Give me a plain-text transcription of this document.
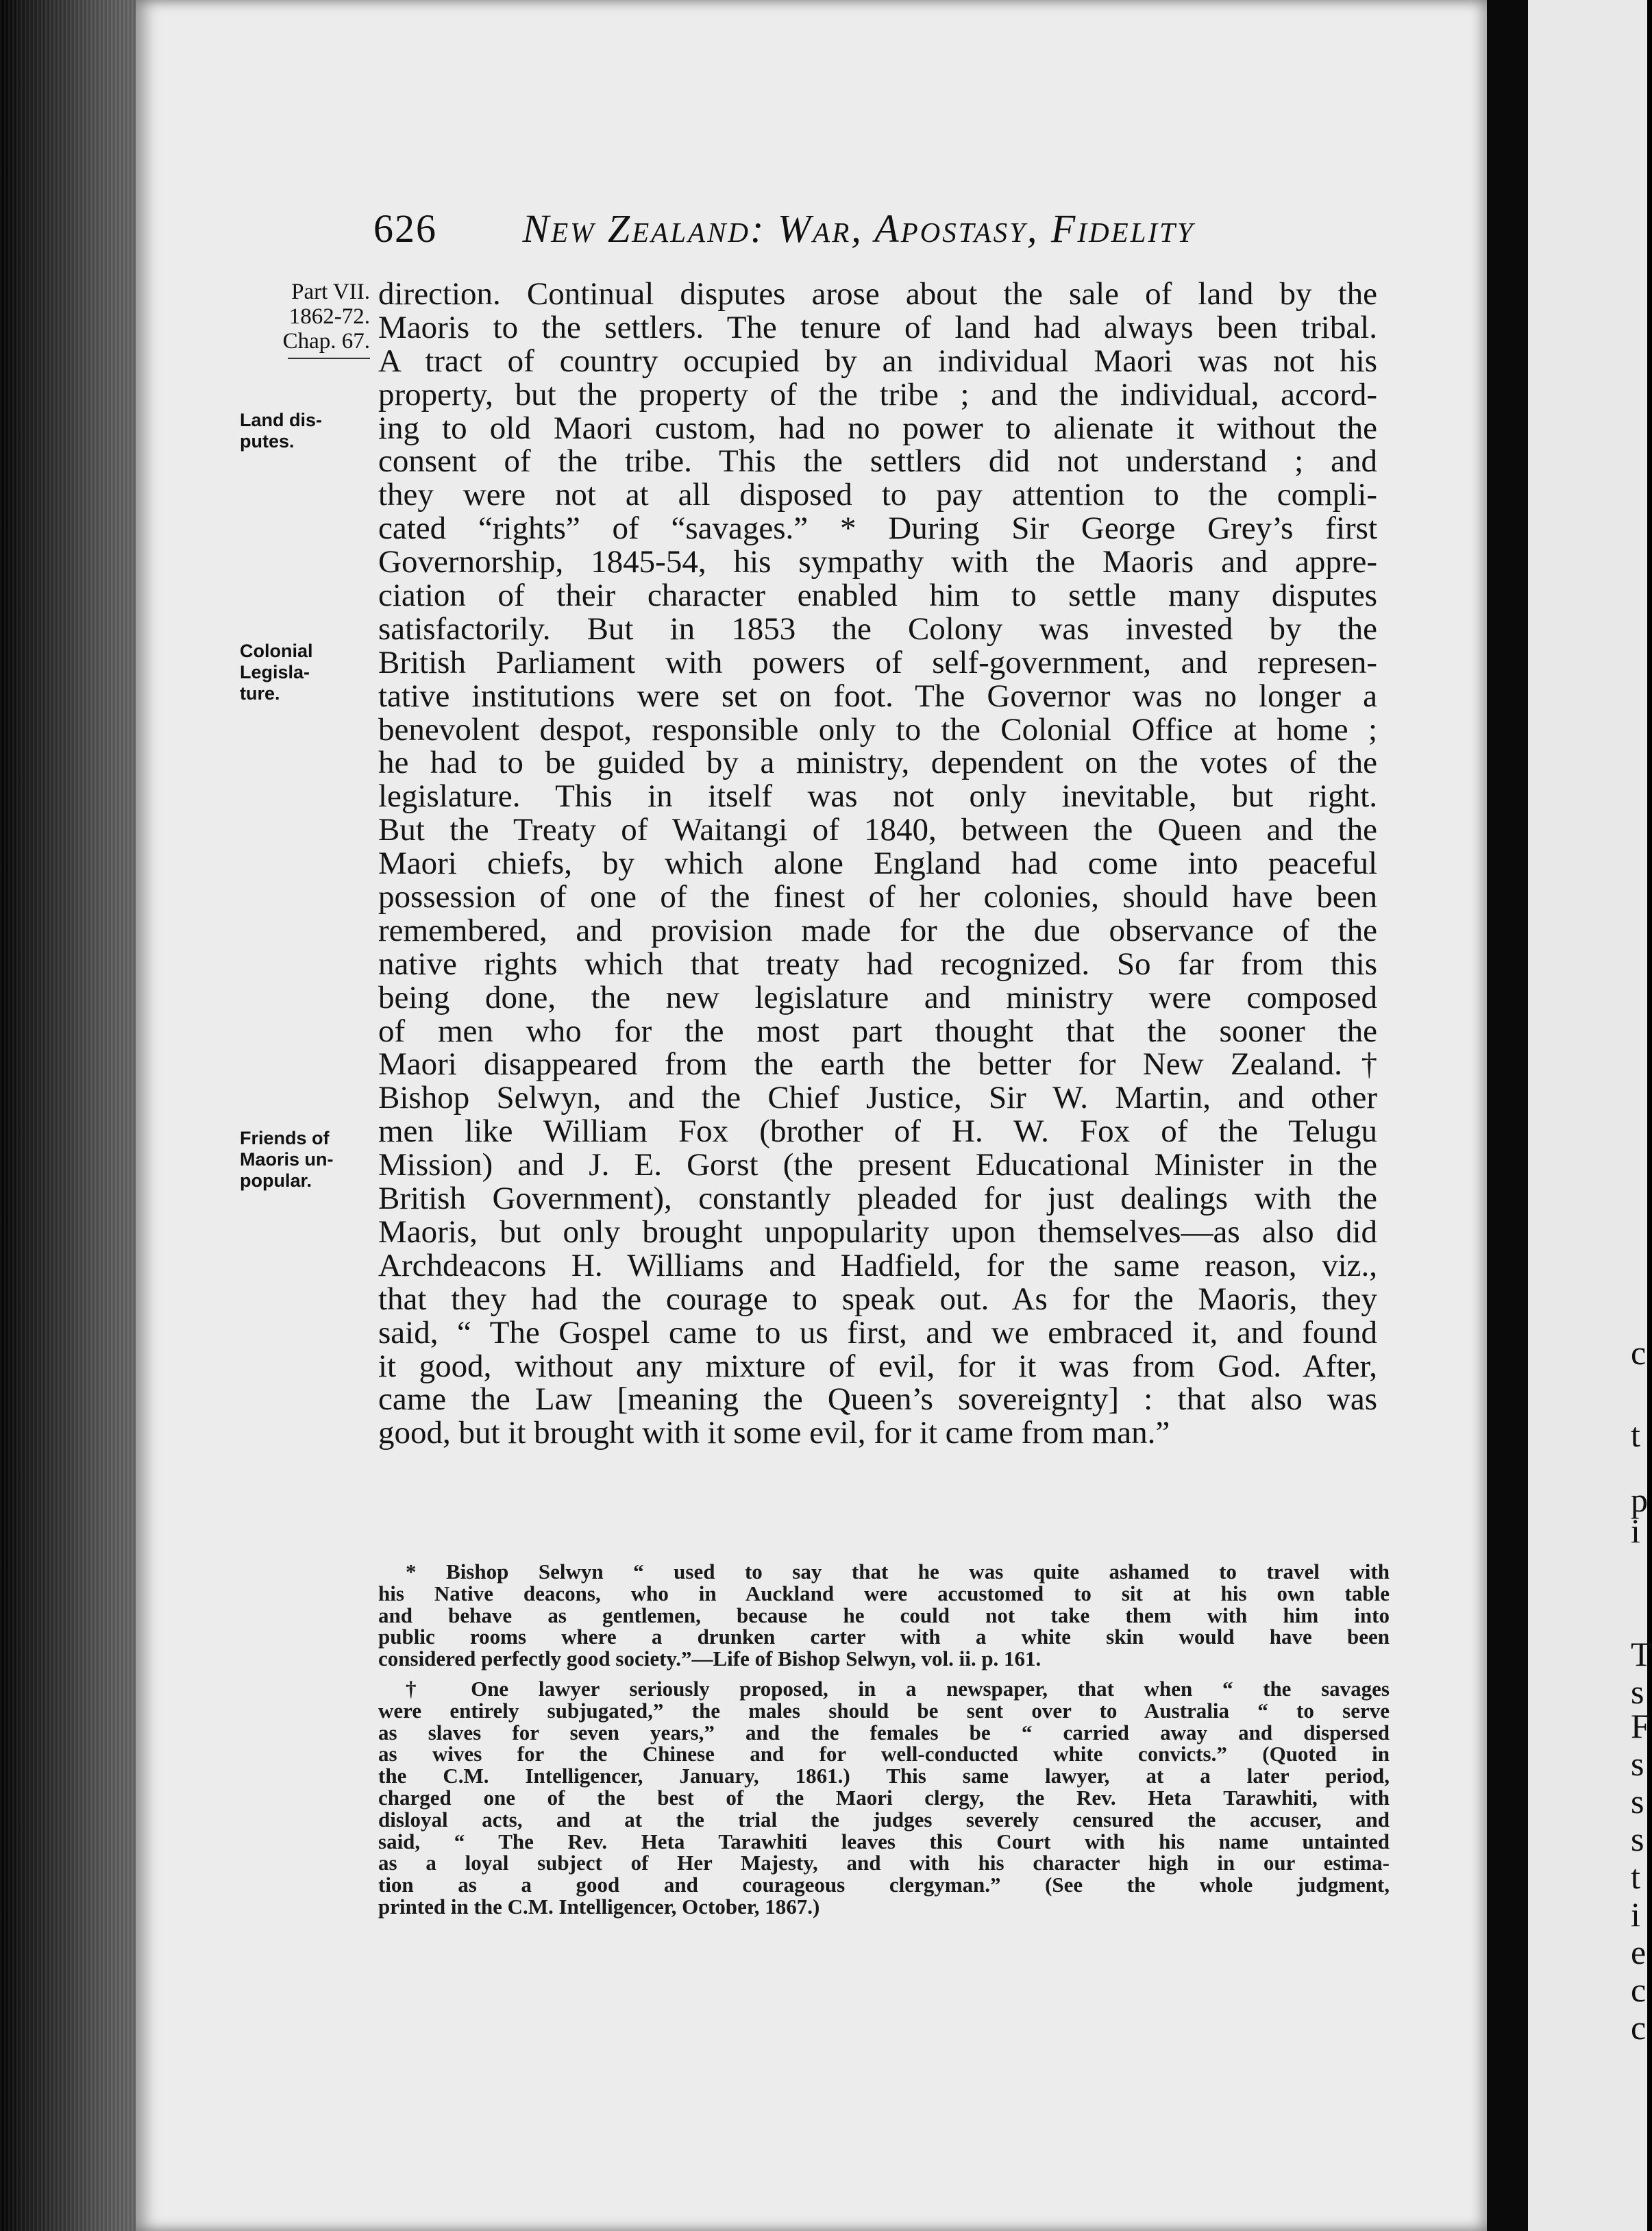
626 New Zealand: War, Apostasy, Fidelity
Part VII.
1862-72.
Chap. 67.
Land dis-
putes.
Colonial
Legisla-
ture.
Friends of
Maoris un-
popular.
direction. Continual disputes arose about the sale of land by the
Maoris to the settlers. The tenure of land had always been tribal.
A tract of country occupied by an individual Maori was not his
property, but the property of the tribe ; and the individual, accord-
ing to old Maori custom, had no power to alienate it without the
consent of the tribe. This the settlers did not understand ; and
they were not at all disposed to pay attention to the compli-
cated “rights” of “savages.” * During Sir George Grey’s first
Governorship, 1845-54, his sympathy with the Maoris and appre-
ciation of their character enabled him to settle many disputes
satisfactorily. But in 1853 the Colony was invested by the
British Parliament with powers of self-government, and represen-
tative institutions were set on foot. The Governor was no longer a
benevolent despot, responsible only to the Colonial Office at home ;
he had to be guided by a ministry, dependent on the votes of the
legislature. This in itself was not only inevitable, but right.
But the Treaty of Waitangi of 1840, between the Queen and the
Maori chiefs, by which alone England had come into peaceful
possession of one of the finest of her colonies, should have been
remembered, and provision made for the due observance of the
native rights which that treaty had recognized. So far from this
being done, the new legislature and ministry were composed
of men who for the most part thought that the sooner the
Maori disappeared from the earth the better for New Zealand.†
Bishop Selwyn, and the Chief Justice, Sir W. Martin, and other
men like William Fox (brother of H. W. Fox of the Telugu
Mission) and J. E. Gorst (the present Educational Minister in the
British Government), constantly pleaded for just dealings with the
Maoris, but only brought unpopularity upon themselves—as also did
Archdeacons H. Williams and Hadfield, for the same reason, viz.,
that they had the courage to speak out. As for the Maoris, they
said, “ The Gospel came to us first, and we embraced it, and found
it good, without any mixture of evil, for it was from God. After,
came the Law [meaning the Queen’s sovereignty] : that also was
good, but it brought with it some evil, for it came from man.”
* Bishop Selwyn “ used to say that he was quite ashamed to travel with
his Native deacons, who in Auckland were accustomed to sit at his own table
and behave as gentlemen, because he could not take them with him into
public rooms where a drunken carter with a white skin would have been
considered perfectly good society.”—Life of Bishop Selwyn, vol. ii. p. 161.
† One lawyer seriously proposed, in a newspaper, that when “ the savages
were entirely subjugated,” the males should be sent over to Australia “ to serve
as slaves for seven years,” and the females be “ carried away and dispersed
as wives for the Chinese and for well-conducted white convicts.” (Quoted in
the C.M. Intelligencer, January, 1861.) This same lawyer, at a later period,
charged one of the best of the Maori clergy, the Rev. Heta Tarawhiti, with
disloyal acts, and at the trial the judges severely censured the accuser, and
said, “ The Rev. Heta Tarawhiti leaves this Court with his name untainted
as a loyal subject of Her Majesty, and with his character high in our estima-
tion as a good and courageous clergyman.” (See the whole judgment,
printed in the C.M. Intelligencer, October, 1867.)
c
t
p
i
T
s
F
s
s
s
t
i
e
c
c
